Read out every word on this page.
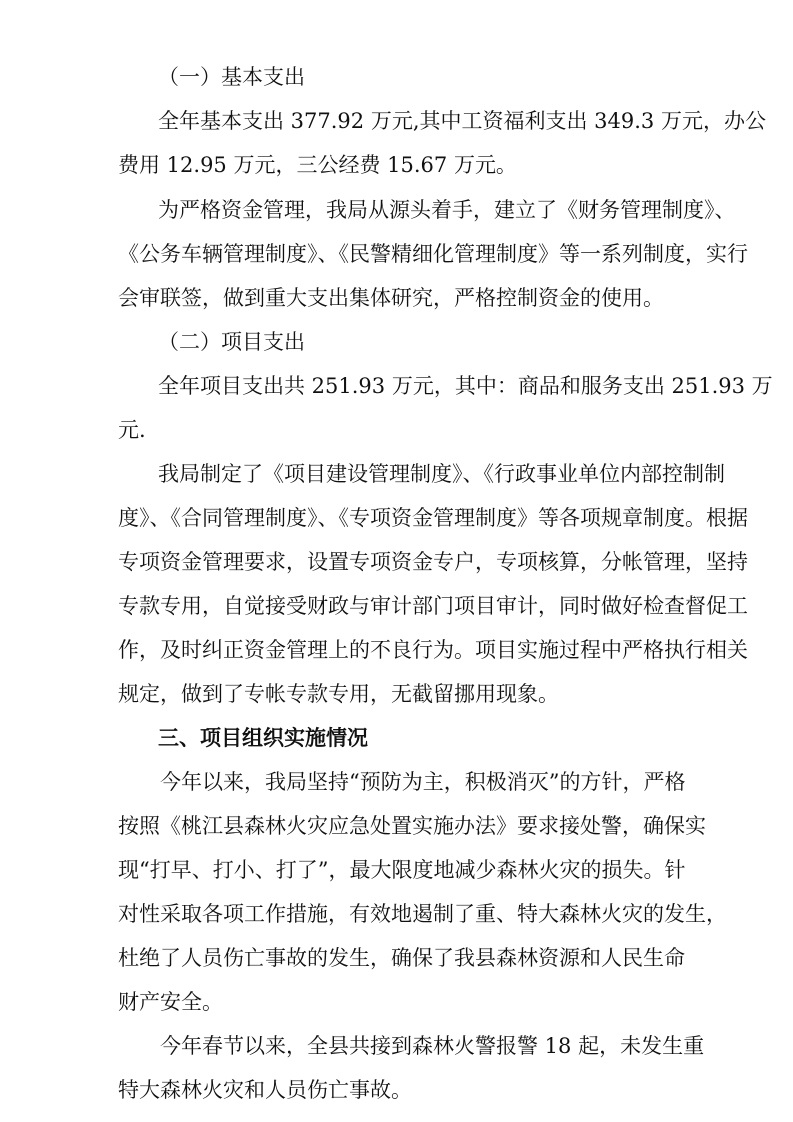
（一）基本支出
全年基本支出 377.92 万元,其中工资福利支出 349.3 万元，办公
费用 12.95 万元，三公经费 15.67 万元。
为严格资金管理，我局从源头着手，建立了《财务管理制度》、
《公务车辆管理制度》、《民警精细化管理制度》等一系列制度，实行
会审联签，做到重大支出集体研究，严格控制资金的使用。
（二）项目支出
全年项目支出共 251.93 万元，其中：商品和服务支出 251.93 万
元.
我局制定了《项目建设管理制度》、《行政事业单位内部控制制
度》、《合同管理制度》、《专项资金管理制度》等各项规章制度。根据
专项资金管理要求，设置专项资金专户，专项核算，分帐管理，坚持
专款专用，自觉接受财政与审计部门项目审计，同时做好检查督促工
作，及时纠正资金管理上的不良行为。项目实施过程中严格执行相关
规定，做到了专帐专款专用，无截留挪用现象。
三、项目组织实施情况
今年以来，我局坚持“预防为主，积极消灭”的方针，严格
按照《桃江县森林火灾应急处置实施办法》要求接处警，确保实
现“打早、打小、打了”，最大限度地减少森林火灾的损失。针
对性采取各项工作措施，有效地遏制了重、特大森林火灾的发生，
杜绝了人员伤亡事故的发生，确保了我县森林资源和人民生命
财产安全。
今年春节以来，全县共接到森林火警报警 18 起，未发生重
特大森林火灾和人员伤亡事故。
